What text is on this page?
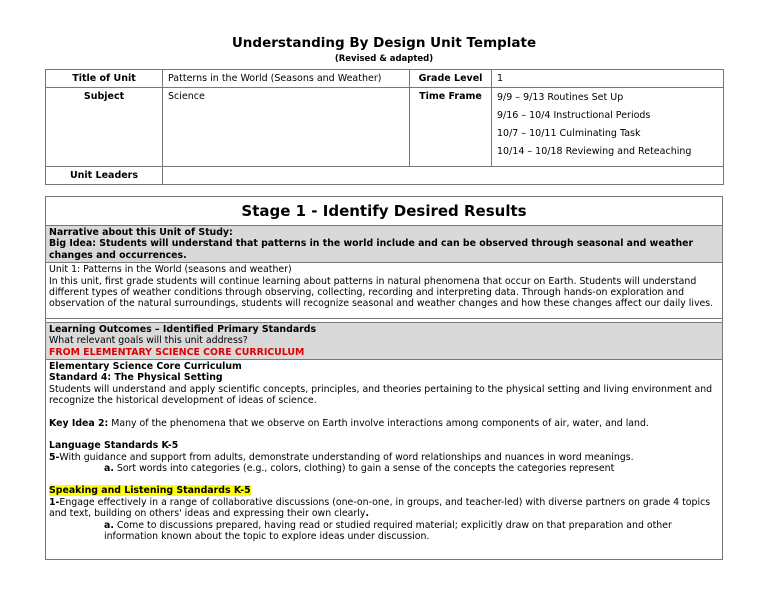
Understanding By Design Unit Template
(Revised & adapted)
Title of Unit	Patterns in the World (Seasons and Weather)	Grade Level	1
Subject	Science	Time Frame	9/9 – 9/13 Routines Set Up
9/16 – 10/4 Instructional Periods
10/7 – 10/11 Culminating Task
10/14 – 10/18 Reviewing and Reteaching

Unit Leaders			
Stage 1 - Identify Desired Results
Narrative about this Unit of Study:
Big Idea: Students will understand that patterns in the world include and can be observed through seasonal and weather changes and occurrences.
Unit 1: Patterns in the World (seasons and weather)
In this unit, first grade students will continue learning about patterns in natural phenomena that occur on Earth. Students will understand different types of weather conditions through observing, collecting, recording and interpreting data. Through hands-on exploration and observation of the natural surroundings, students will recognize seasonal and weather changes and how these changes affect our daily lives.
Learning Outcomes – Identified Primary Standards
What relevant goals will this unit address?
FROM ELEMENTARY SCIENCE CORE CURRICULUM
Elementary Science Core Curriculum
Standard 4: The Physical Setting
Students will understand and apply scientific concepts, principles, and theories pertaining to the physical setting and living environment and recognize the historical development of ideas of science.
Key Idea 2: Many of the phenomena that we observe on Earth involve interactions among components of air, water, and land.
Language Standards K-5
5-With guidance and support from adults, demonstrate understanding of word relationships and nuances in word meanings.
a. Sort words into categories (e.g., colors, clothing) to gain a sense of the concepts the categories represent
Speaking and Listening Standards K-5
1-Engage effectively in a range of collaborative discussions (one-on-one, in groups, and teacher-led) with diverse partners on grade 4 topics and text, building on others' ideas and expressing their own clearly.
a. Come to discussions prepared, having read or studied required material; explicitly draw on that preparation and other information known about the topic to explore ideas under discussion.
